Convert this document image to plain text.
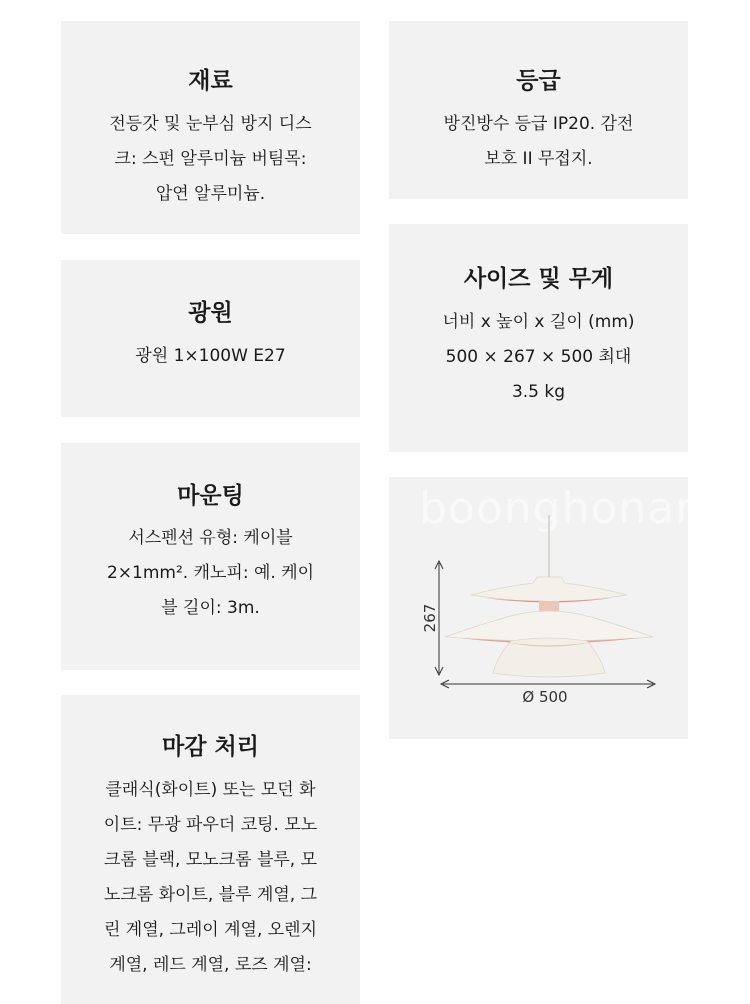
재료
전등갓 및 눈부심 방지 디스
크: 스펀 알루미늄 버팀목:
압연 알루미늄.
등급
방진방수 등급 IP20. 감전
보호 II 무접지.
광원
광원 1×100W E27
사이즈 및 무게
너비 x 높이 x 길이 (mm)
500 × 267 × 500 최대
3.5 kg
마운팅
서스펜션 유형: 케이블
2×1mm². 캐노피: 예. 케이
블 길이: 3m.
boonghonara
267
Ø 500
마감 처리
클래식(화이트) 또는 모던 화
이트: 무광 파우더 코팅. 모노
크롬 블랙, 모노크롬 블루, 모
노크롬 화이트, 블루 계열, 그
린 계열, 그레이 계열, 오렌지
계열, 레드 계열, 로즈 계열:
